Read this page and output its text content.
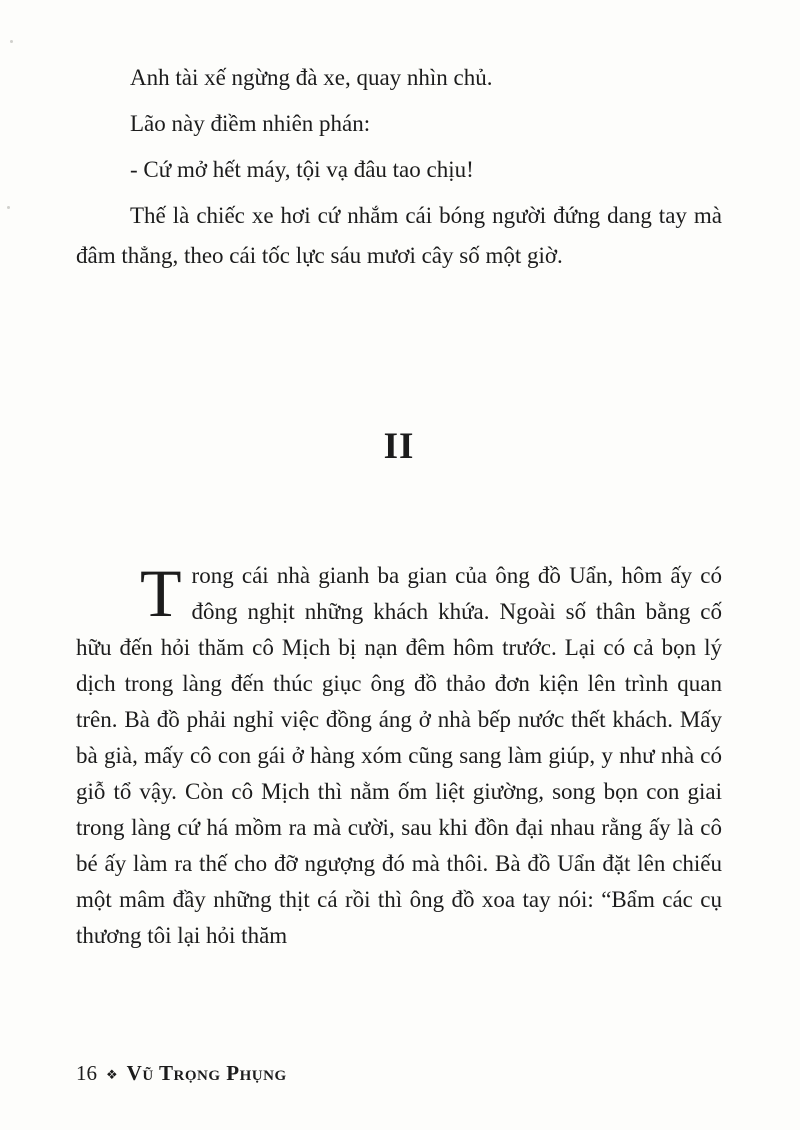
Anh tài xế ngừng đà xe, quay nhìn chủ.

Lão này điềm nhiên phán:

- Cứ mở hết máy, tội vạ đâu tao chịu!

Thế là chiếc xe hơi cứ nhắm cái bóng người đứng dang tay mà đâm thẳng, theo cái tốc lực sáu mươi cây số một giờ.

II

Trong cái nhà gianh ba gian của ông đồ Uẩn, hôm ấy có đông nghịt những khách khứa. Ngoài số thân bằng cố hữu đến hỏi thăm cô Mịch bị nạn đêm hôm trước. Lại có cả bọn lý dịch trong làng đến thúc giục ông đồ thảo đơn kiện lên trình quan trên. Bà đồ phải nghỉ việc đồng áng ở nhà bếp nước thết khách. Mấy bà già, mấy cô con gái ở hàng xóm cũng sang làm giúp, y như nhà có giỗ tổ vậy. Còn cô Mịch thì nằm ốm liệt giường, song bọn con giai trong làng cứ há mồm ra mà cười, sau khi đồn đại nhau rằng ấy là cô bé ấy làm ra thế cho đỡ ngượng đó mà thôi. Bà đồ Uẩn đặt lên chiếu một mâm đầy những thịt cá rồi thì ông đồ xoa tay nói: “Bẩm các cụ thương tôi lại hỏi thăm

16 ❖ Vũ Trọng Phụng
